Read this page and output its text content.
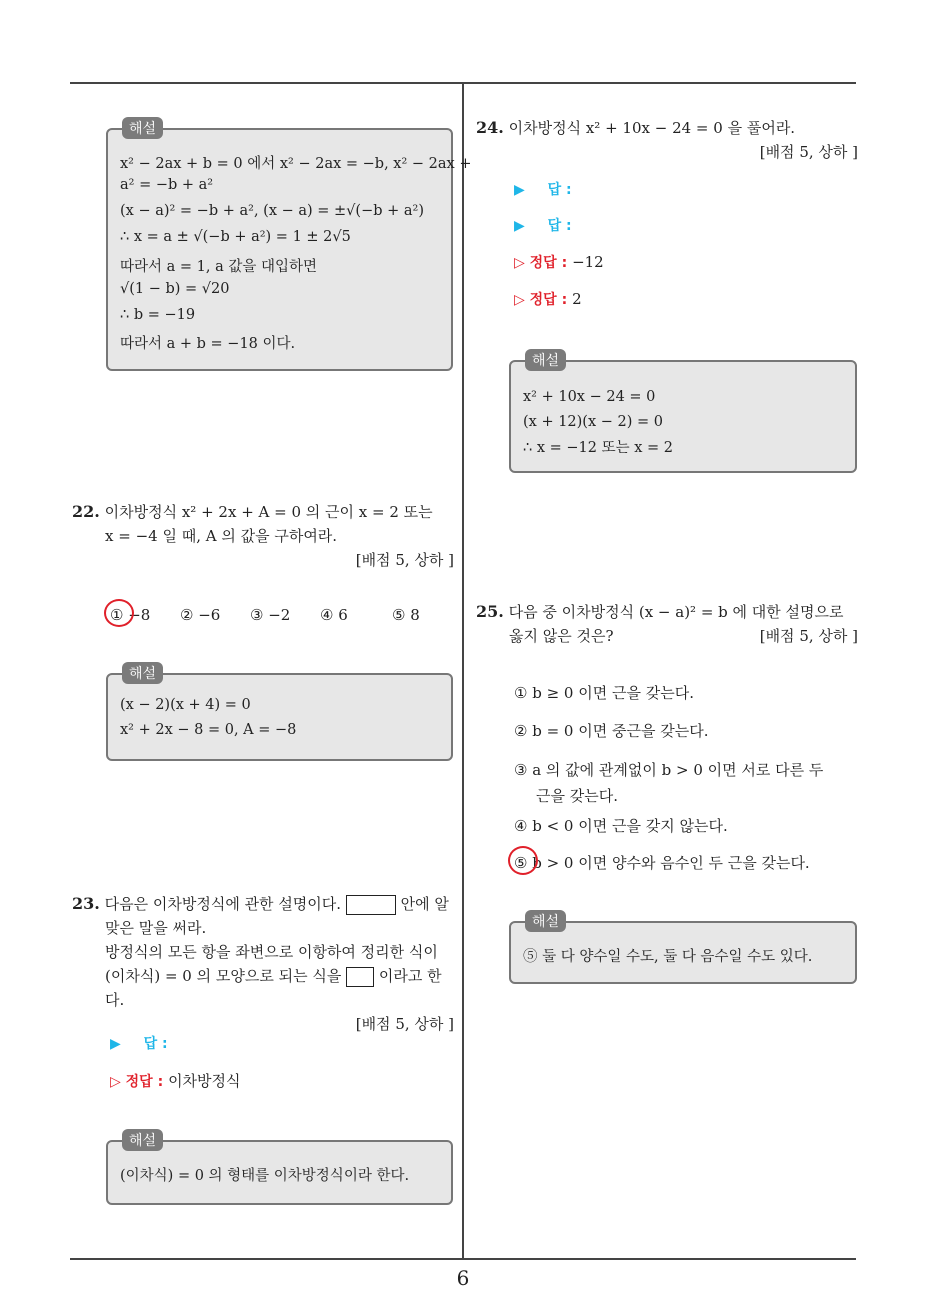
해설
x² − 2ax + b = 0 에서 x² − 2ax = −b, x² − 2ax +
a² = −b + a²
(x − a)² = −b + a², (x − a) = ±√(−b + a²)
∴ x = a ± √(−b + a²) = 1 ± 2√5
따라서 a = 1, a 값을 대입하면
√(1 − b) = √20
∴ b = −19
따라서 a + b = −18 이다.
22. 이차방정식 x² + 2x + A = 0 의 근이 x = 2 또는
x = −4 일 때, A 의 값을 구하여라.
[배점 5, 상하 ]
① −8 ② −6 ③ −2 ④ 6	⑤ 8
해설
(x − 2)(x + 4) = 0
x² + 2x − 8 = 0, A = −8
23. 다음은 이차방정식에 관한 설명이다.	안에 알
맞은 말을 써라.
방정식의 모든 항을 좌변으로 이항하여 정리한 식이
(이차식) = 0 의 모양으로 되는 식을	이라고 한다.
[배점 5, 상하 ]
▶ 답 :
▷ 정답 : 이차방정식
해설
(이차식) = 0 의 형태를 이차방정식이라 한다.
24. 이차방정식 x² + 10x − 24 = 0 을 풀어라.
[배점 5, 상하 ]
▶ 답 :
▶ 답 :
▷ 정답 : −12
▷ 정답 : 2
해설
x² + 10x − 24 = 0
(x + 12)(x − 2) = 0
∴ x = −12 또는 x = 2
25. 다음 중 이차방정식 (x − a)² = b 에 대한 설명으로
옳지 않은 것은?	[배점 5, 상하 ]
① b ≥ 0 이면 근을 갖는다.
② b = 0 이면 중근을 갖는다.
③ a 의 값에 관계없이 b > 0 이면 서로 다른 두
근을 갖는다.
④ b < 0 이면 근을 갖지 않는다.
⑤ b > 0 이면 양수와 음수인 두 근을 갖는다.
해설
⑤ 둘 다 양수일 수도, 둘 다 음수일 수도 있다.
6
